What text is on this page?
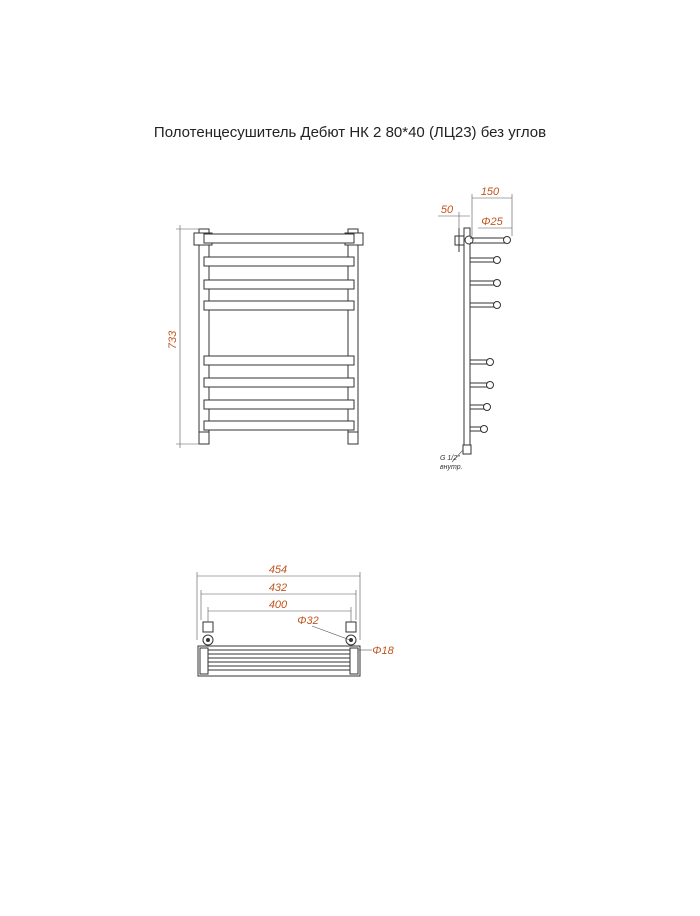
Полотенцесушитель Дебют НК 2 80*40 (ЛЦ23) без углов
733
150
50
Φ25
G 1/2"
внутр.
454
432
400
Φ32
Φ18
